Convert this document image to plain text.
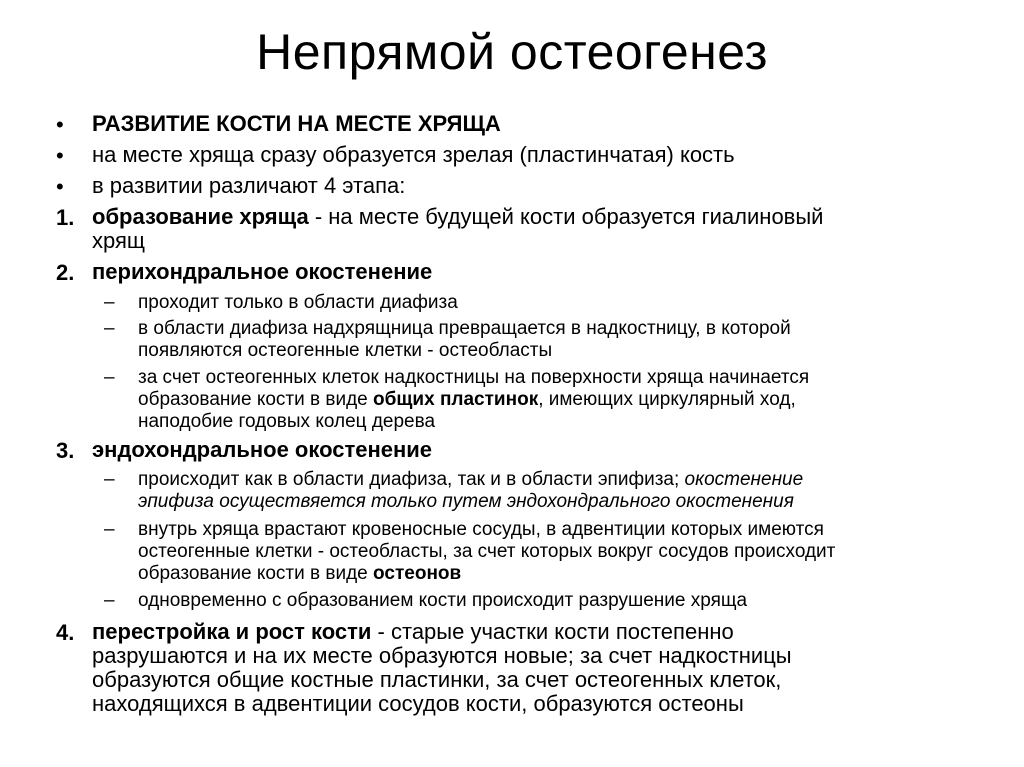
Непрямой остеогенез
• РАЗВИТИЕ КОСТИ НА МЕСТЕ ХРЯЩА
• на месте хряща сразу образуется зрелая (пластинчатая) кость
• в развитии различают 4 этапа:
1. образование хряща - на месте будущей кости образуется гиалиновый
хрящ
2. перихондральное окостенение
– проходит только в области диафиза
– в области диафиза надхрящница превращается в надкостницу, в которой
появляются остеогенные клетки - остеобласты
– за счет остеогенных клеток надкостницы на поверхности хряща начинается
образование кости в виде общих пластинок, имеющих циркулярный ход,
наподобие годовых колец дерева
3. эндохондральное окостенение
– происходит как в области диафиза, так и в области эпифиза; окостенение
эпифиза осуществяется только путем эндохондрального окостенения
– внутрь хряща врастают кровеносные сосуды, в адвентиции которых имеются
остеогенные клетки - остеобласты, за счет которых вокруг сосудов происходит
образование кости в виде остеонов
– одновременно с образованием кости происходит разрушение хряща
4. перестройка и рост кости - старые участки кости постепенно
разрушаются и на их месте образуются новые; за счет надкостницы
образуются общие костные пластинки, за счет остеогенных клеток,
находящихся в адвентиции сосудов кости, образуются остеоны
